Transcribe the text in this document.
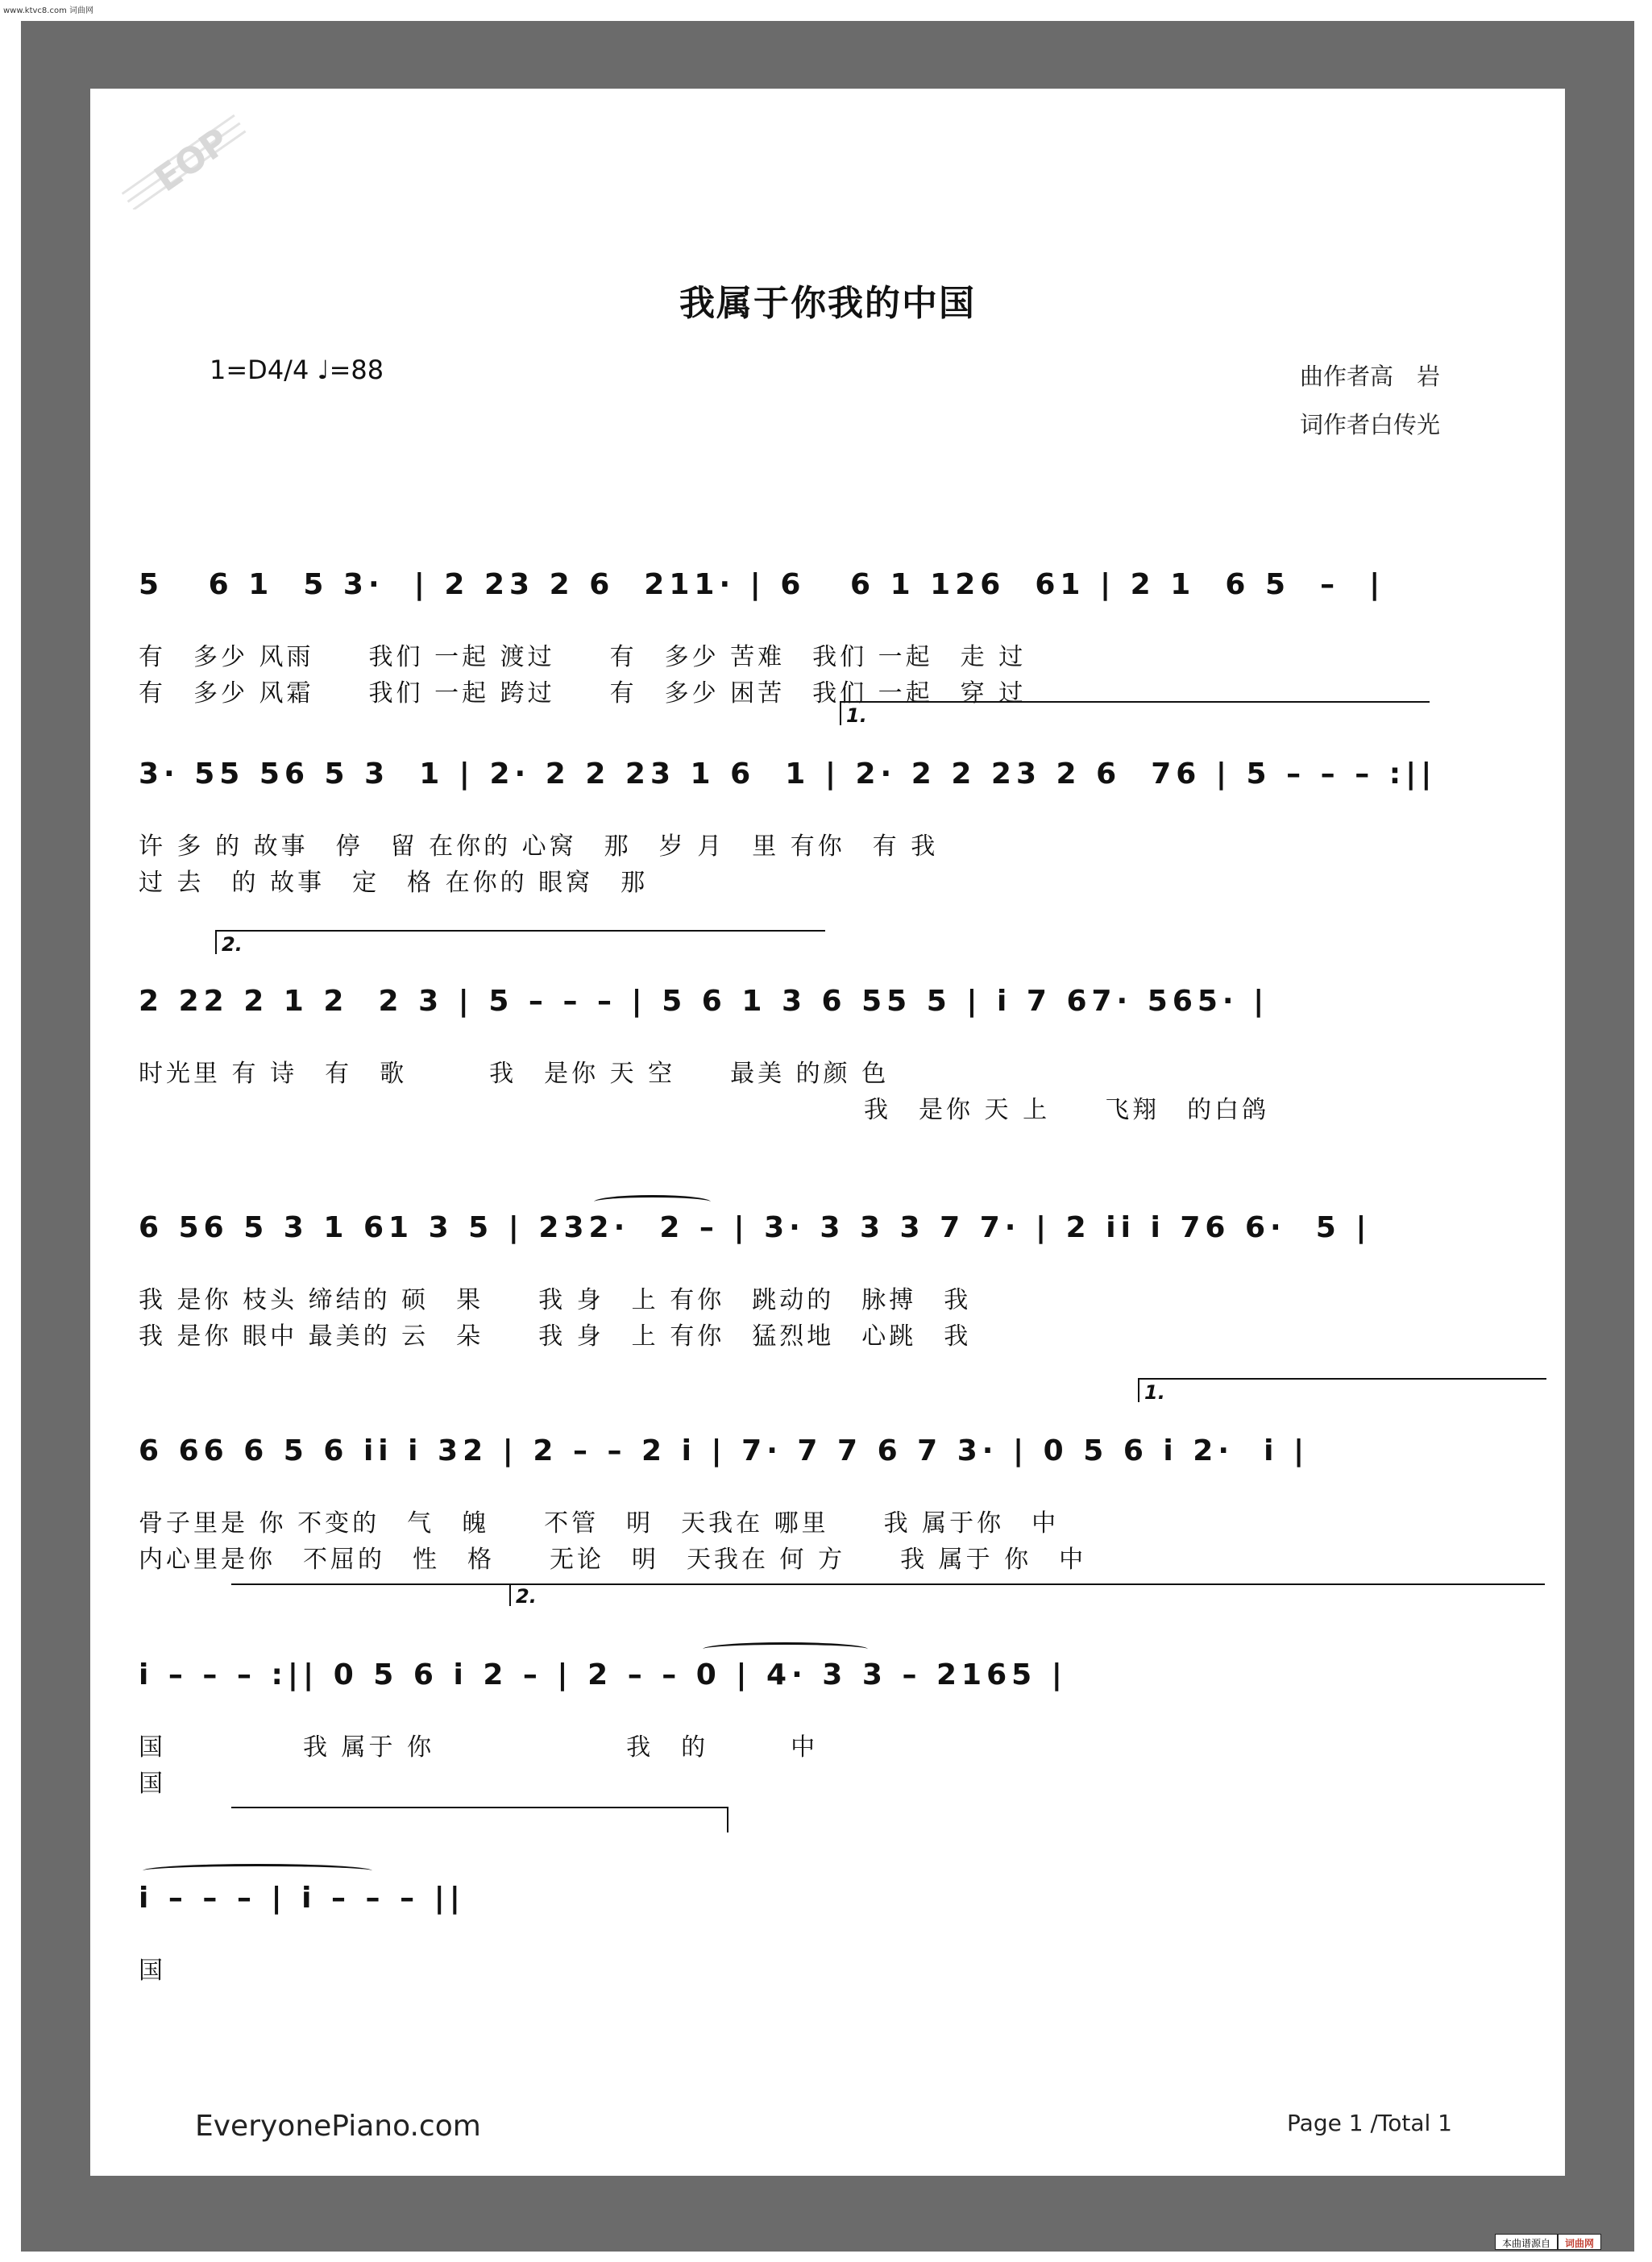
www.ktvc8.com 词曲网
EOP
我属于你我的中国
1=D4/4 ♩=88	曲作者高　岩
词作者白传光
5   6 1  5 3·  | 2 23 2 6  211· | 6   6 1 126  61 | 2 1  6 5  –  |
有　多少 风雨　　我们 一起 渡过　　有　多少 苦难　我们 一起　走 过
有　多少 风霜　　我们 一起 跨过　　有　多少 困苦　我们 一起　穿 过
1.
3· 55 56 5 3  1 | 2· 2 2 23 1 6  1 | 2· 2 2 23 2 6  76 | 5 – – – :||
许 多 的 故事　停　留 在你的 心窝　那　岁 月　里 有你　有 我
过 去　的 故事　定　格 在你的 眼窝　那
2.
2 22 2 1 2  2 3 | 5 – – – | 5 6 1 3 6 55 5 | i 7 67· 565· |
时光里 有 诗　有　歌　　　我　是你 天 空　　最美 的颜 色
我　是你 天 上　　飞翔　的白鸽
6 56 5 3 1 61 3 5 | 232·  2 – | 3· 3 3 3 7 7· | 2 ii i 76 6·  5 |
我 是你 枝头 缔结的 硕　果　　我 身　上 有你　跳动的　脉搏　我
我 是你 眼中 最美的 云　朵　　我 身　上 有你　猛烈地　心跳　我
1.
6 66 6 5 6 ii i 32 | 2 – – 2 i | 7· 7 7 6 7 3· | 0 5 6 i 2·  i |
骨子里是 你 不变的　气　魄　　不管　明　天我在 哪里　　我 属于你　中
内心里是你　不屈的　性　格　　无论　明　天我在 何 方　　我 属于 你　中
2.
i – – – :|| 0 5 6 i 2 – | 2 – – 0 | 4· 3 3 – 2165 |
国　　　　　我 属于 你　　　　　　　我　的　　　中
国
i – – – | i – – – ||
国
EveryonePiano.com	Page 1 /Total 1
本曲谱源自	词曲网
